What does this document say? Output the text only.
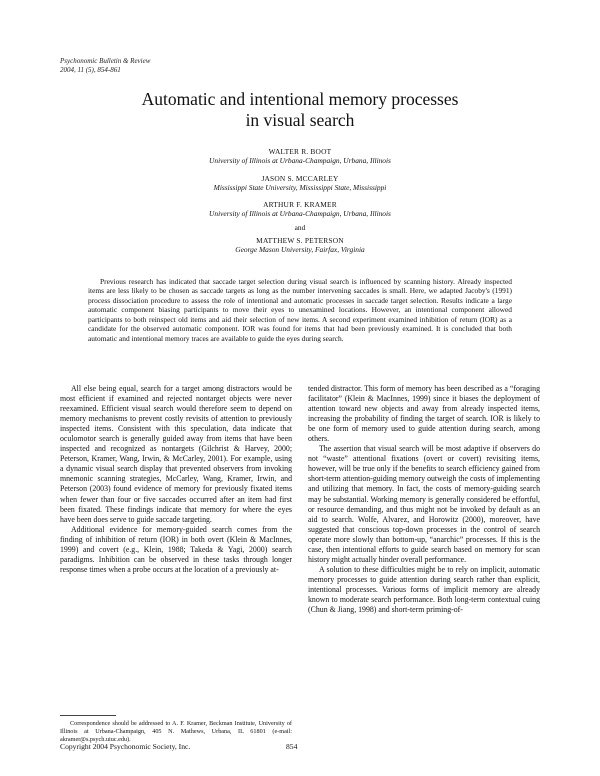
Psychonomic Bulletin & Review
2004, 11 (5), 854-861
Automatic and intentional memory processes
in visual search
WALTER R. BOOT
University of Illinois at Urbana-Champaign, Urbana, Illinois
JASON S. MCCARLEY
Mississippi State University, Mississippi State, Mississippi
ARTHUR F. KRAMER
University of Illinois at Urbana-Champaign, Urbana, Illinois
and
MATTHEW S. PETERSON
George Mason University, Fairfax, Virginia
Previous research has indicated that saccade target selection during visual search is influenced by scanning history. Already inspected items are less likely to be chosen as saccade targets as long as the number intervening saccades is small. Here, we adapted Jacoby's (1991) process dissociation procedure to assess the role of intentional and automatic processes in saccade target selection. Results indicate a large automatic component biasing participants to move their eyes to unexamined locations. However, an intentional component allowed participants to both reinspect old items and aid their selection of new items. A second experiment examined inhibition of return (IOR) as a candidate for the observed automatic component. IOR was found for items that had been previously examined. It is concluded that both automatic and intentional memory traces are available to guide the eyes during search.

All else being equal, search for a target among distractors would be most efficient if examined and rejected nontarget objects were never reexamined. Efficient visual search would therefore seem to depend on memory mechanisms to prevent costly revisits of attention to previously inspected items. Consistent with this speculation, data indicate that oculomotor search is generally guided away from items that have been inspected and recognized as nontargets (Gilchrist & Harvey, 2000; Peterson, Kramer, Wang, Irwin, & McCarley, 2001). For example, using a dynamic visual search display that prevented observers from invoking mnemonic scanning strategies, McCarley, Wang, Kramer, Irwin, and Peterson (2003) found evidence of memory for previously fixated items when fewer than four or five saccades occurred after an item had first been fixated. These findings indicate that memory for where the eyes have been does serve to guide saccade targeting.

Additional evidence for memory-guided search comes from the finding of inhibition of return (IOR) in both overt (Klein & MacInnes, 1999) and covert (e.g., Klein, 1988; Takeda & Yagi, 2000) search paradigms. Inhibition can be observed in these tasks through longer response times when a probe occurs at the location of a previously at-

tended distractor. This form of memory has been described as a “foraging facilitator” (Klein & MacInnes, 1999) since it biases the deployment of attention toward new objects and away from already inspected items, increasing the probability of finding the target of search. IOR is likely to be one form of memory used to guide attention during search, among others.

The assertion that visual search will be most adaptive if observers do not “waste” attentional fixations (overt or covert) revisiting items, however, will be true only if the benefits to search efficiency gained from short-term attention-guiding memory outweigh the costs of implementing and utilizing that memory. In fact, the costs of memory-guiding search may be substantial. Working memory is generally considered be effortful, or resource demanding, and thus might not be invoked by default as an aid to search. Wolfe, Alvarez, and Horowitz (2000), moreover, have suggested that conscious top-down processes in the control of search operate more slowly than bottom-up, “anarchic” processes. If this is the case, then intentional efforts to guide search based on memory for scan history might actually hinder overall performance.

A solution to these difficulties might be to rely on implicit, automatic memory processes to guide attention during search rather than explicit, intentional processes. Various forms of implicit memory are already known to moderate search performance. Both long-term contextual cuing (Chun & Jiang, 1998) and short-term priming-of-

Correspondence should be addressed to A. F. Kramer, Beckman Institute, University of Illinois at Urbana-Champaign, 405 N. Mathews, Urbana, IL 61801 (e-mail: akramer@s.psych.uiuc.edu).
Copyright 2004 Psychonomic Society, Inc.	854
